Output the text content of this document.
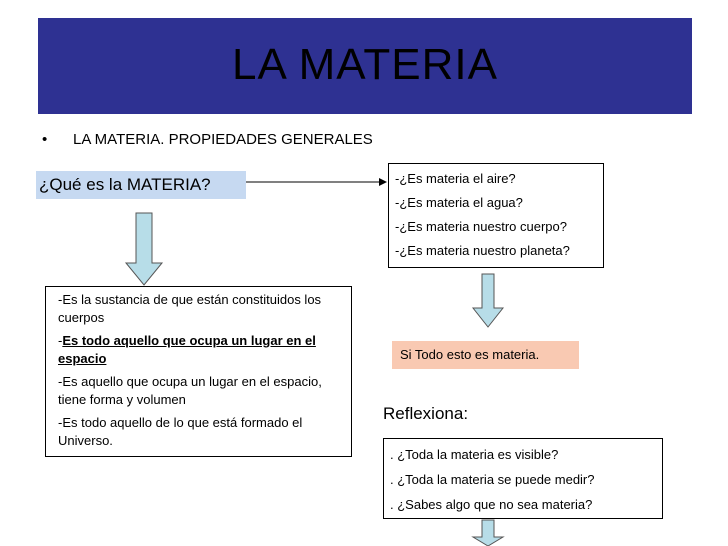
LA MATERIA
• LA MATERIA. PROPIEDADES GENERALES
¿Qué es la MATERIA?	-¿Es materia el aire?
-¿Es materia el agua?
-¿Es materia nuestro cuerpo?
-¿Es materia nuestro planeta?

-Es la sustancia de que están constituidos los cuerpos

-Es todo aquello que ocupa un lugar en el espacio

-Es aquello que ocupa un lugar en el espacio, tiene forma y volumen

-Es todo aquello de lo que está formado el Universo.

Si Todo esto es materia.
Reflexiona:
. ¿Toda la materia es visible?
. ¿Toda la materia se puede medir?
. ¿Sabes algo que no sea materia?
